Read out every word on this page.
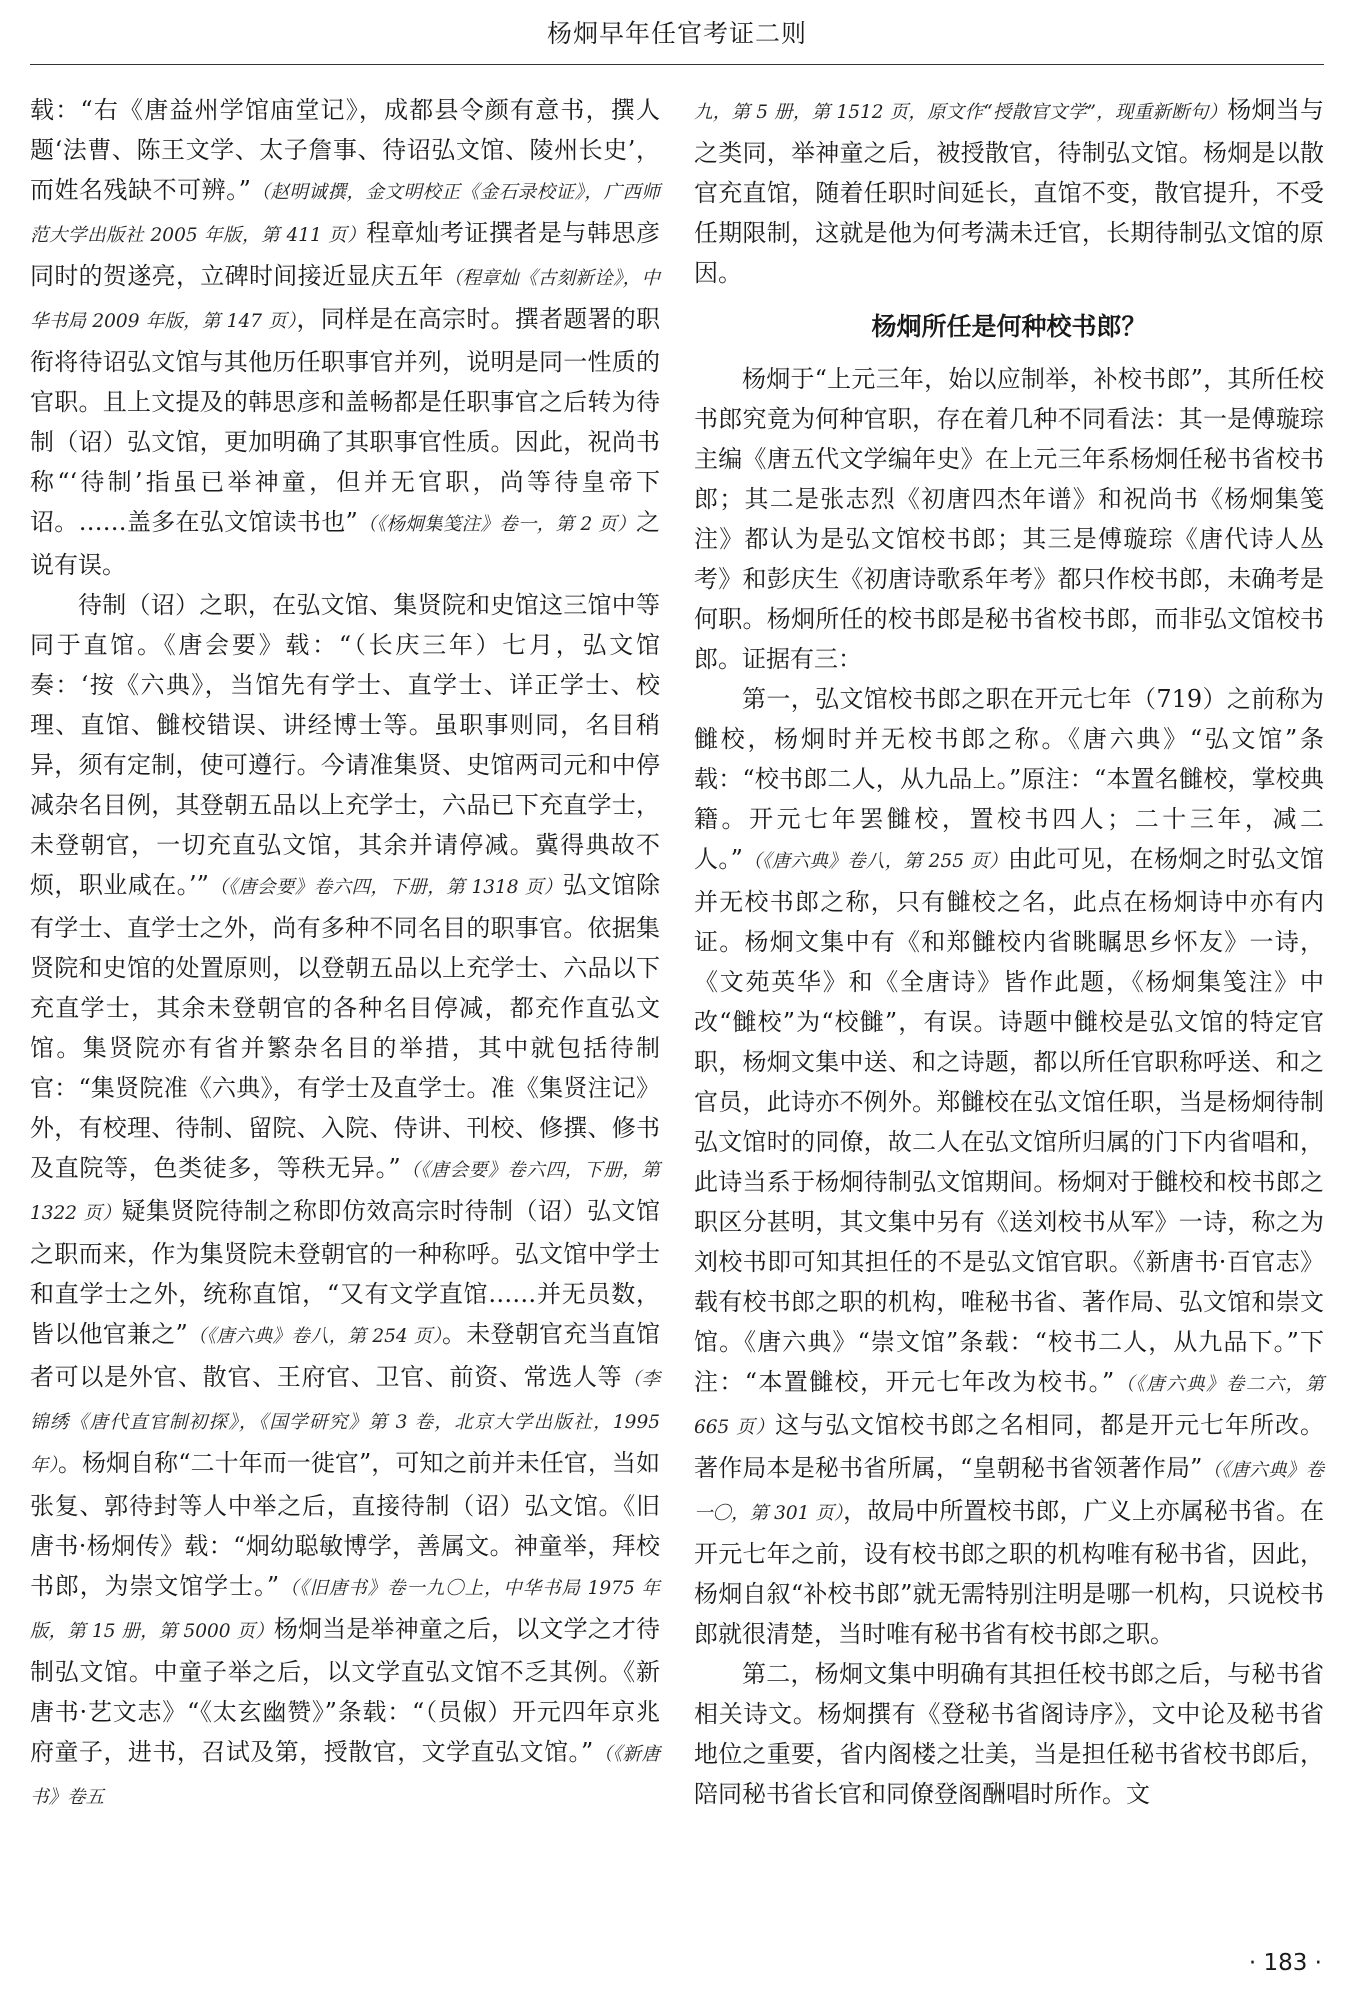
杨炯早年任官考证二则

载：“右《唐益州学馆庙堂记》，成都县令颜有意书，撰人题‘法曹、陈王文学、太子詹事、待诏弘文馆、陵州长史’，而姓名残缺不可辨。”（赵明诚撰，金文明校正《金石录校证》，广西师范大学出版社 2005 年版，第 411 页）程章灿考证撰者是与韩思彦同时的贺遂亮，立碑时间接近显庆五年（程章灿《古刻新诠》，中华书局 2009 年版，第 147 页），同样是在高宗时。撰者题署的职衔将待诏弘文馆与其他历任职事官并列，说明是同一性质的官职。且上文提及的韩思彦和盖畅都是任职事官之后转为待制（诏）弘文馆，更加明确了其职事官性质。因此，祝尚书称“‘待制’指虽已举神童，但并无官职，尚等待皇帝下诏。……盖多在弘文馆读书也”（《杨炯集笺注》卷一，第 2 页）之说有误。

待制（诏）之职，在弘文馆、集贤院和史馆这三馆中等同于直馆。《唐会要》载：“（长庆三年）七月，弘文馆奏：‘按《六典》，当馆先有学士、直学士、详正学士、校理、直馆、雠校错误、讲经博士等。虽职事则同，名目稍异，须有定制，使可遵行。今请准集贤、史馆两司元和中停减杂名目例，其登朝五品以上充学士，六品已下充直学士，未登朝官，一切充直弘文馆，其余并请停减。冀得典故不烦，职业咸在。’”（《唐会要》卷六四，下册，第 1318 页）弘文馆除有学士、直学士之外，尚有多种不同名目的职事官。依据集贤院和史馆的处置原则，以登朝五品以上充学士、六品以下充直学士，其余未登朝官的各种名目停减，都充作直弘文馆。集贤院亦有省并繁杂名目的举措，其中就包括待制官：“集贤院准《六典》，有学士及直学士。准《集贤注记》外，有校理、待制、留院、入院、侍讲、刊校、修撰、修书及直院等，色类徒多，等秩无异。”（《唐会要》卷六四，下册，第 1322 页）疑集贤院待制之称即仿效高宗时待制（诏）弘文馆之职而来，作为集贤院未登朝官的一种称呼。弘文馆中学士和直学士之外，统称直馆，“又有文学直馆……并无员数，皆以他官兼之”（《唐六典》卷八，第 254 页）。未登朝官充当直馆者可以是外官、散官、王府官、卫官、前资、常选人等（李锦绣《唐代直官制初探》，《国学研究》第 3 卷，北京大学出版社，1995 年）。杨炯自称“二十年而一徙官”，可知之前并未任官，当如张复、郭待封等人中举之后，直接待制（诏）弘文馆。《旧唐书·杨炯传》载：“炯幼聪敏博学，善属文。神童举，拜校书郎，为崇文馆学士。”（《旧唐书》卷一九〇上，中华书局 1975 年版，第 15 册，第 5000 页）杨炯当是举神童之后，以文学之才待制弘文馆。中童子举之后，以文学直弘文馆不乏其例。《新唐书·艺文志》“《太玄幽赞》”条载：“（员俶）开元四年京兆府童子，进书，召试及第，授散官，文学直弘文馆。”（《新唐书》卷五

九，第 5 册，第 1512 页，原文作“授散官文学”，现重新断句）杨炯当与之类同，举神童之后，被授散官，待制弘文馆。杨炯是以散官充直馆，随着任职时间延长，直馆不变，散官提升，不受任期限制，这就是他为何考满未迁官，长期待制弘文馆的原因。

杨炯所任是何种校书郎？

杨炯于“上元三年，始以应制举，补校书郎”，其所任校书郎究竟为何种官职，存在着几种不同看法：其一是傅璇琮主编《唐五代文学编年史》在上元三年系杨炯任秘书省校书郎；其二是张志烈《初唐四杰年谱》和祝尚书《杨炯集笺注》都认为是弘文馆校书郎；其三是傅璇琮《唐代诗人丛考》和彭庆生《初唐诗歌系年考》都只作校书郎，未确考是何职。杨炯所任的校书郎是秘书省校书郎，而非弘文馆校书郎。证据有三：

第一，弘文馆校书郎之职在开元七年（719）之前称为雠校，杨炯时并无校书郎之称。《唐六典》“弘文馆”条载：“校书郎二人，从九品上。”原注：“本置名雠校，掌校典籍。开元七年罢雠校，置校书四人；二十三年，减二人。”（《唐六典》卷八，第 255 页）由此可见，在杨炯之时弘文馆并无校书郎之称，只有雠校之名，此点在杨炯诗中亦有内证。杨炯文集中有《和郑雠校内省眺瞩思乡怀友》一诗，《文苑英华》和《全唐诗》皆作此题，《杨炯集笺注》中改“雠校”为“校雠”，有误。诗题中雠校是弘文馆的特定官职，杨炯文集中送、和之诗题，都以所任官职称呼送、和之官员，此诗亦不例外。郑雠校在弘文馆任职，当是杨炯待制弘文馆时的同僚，故二人在弘文馆所归属的门下内省唱和，此诗当系于杨炯待制弘文馆期间。杨炯对于雠校和校书郎之职区分甚明，其文集中另有《送刘校书从军》一诗，称之为刘校书即可知其担任的不是弘文馆官职。《新唐书·百官志》载有校书郎之职的机构，唯秘书省、著作局、弘文馆和崇文馆。《唐六典》“崇文馆”条载：“校书二人，从九品下。”下注：“本置雠校，开元七年改为校书。”（《唐六典》卷二六，第 665 页）这与弘文馆校书郎之名相同，都是开元七年所改。著作局本是秘书省所属，“皇朝秘书省领著作局”（《唐六典》卷一〇，第 301 页），故局中所置校书郎，广义上亦属秘书省。在开元七年之前，设有校书郎之职的机构唯有秘书省，因此，杨炯自叙“补校书郎”就无需特别注明是哪一机构，只说校书郎就很清楚，当时唯有秘书省有校书郎之职。

第二，杨炯文集中明确有其担任校书郎之后，与秘书省相关诗文。杨炯撰有《登秘书省阁诗序》，文中论及秘书省地位之重要，省内阁楼之壮美，当是担任秘书省校书郎后，陪同秘书省长官和同僚登阁酬唱时所作。文

· 183 ·
